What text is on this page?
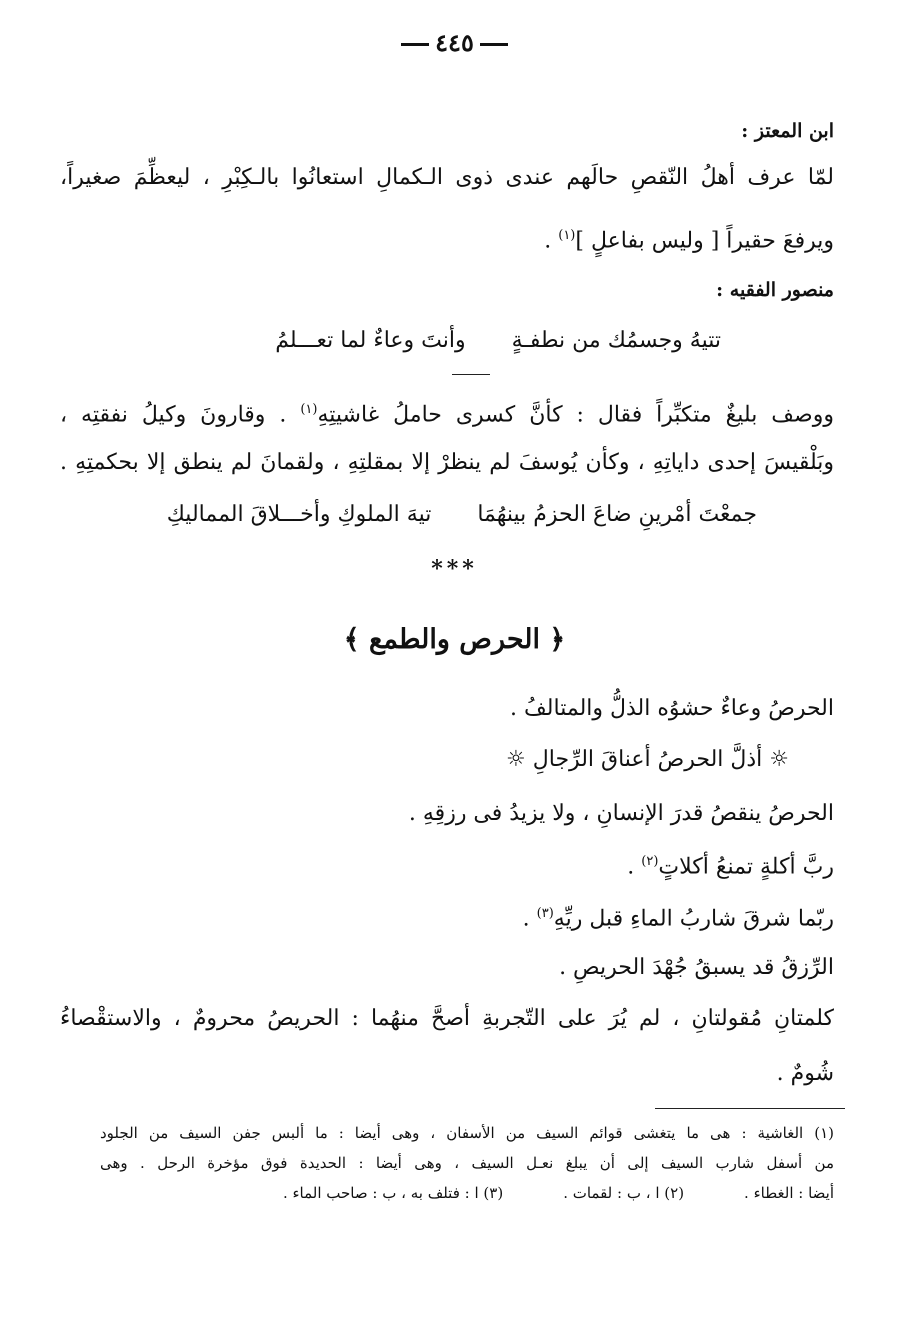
٤٤٥
ابن المعتز :
لمّا عرف أهلُ النّقصِ حالَهم عندى ذوى الـكمالِ استعانُوا بالـكِبْرِ ، ليعظِّمَ صغيراً،
ويرفعَ حقيراً [ وليس بفاعلٍ ]$^{(١)}$ .
منصور الفقيه :
تتيهُ وجسمُك من نطفـةٍوأنتَ وعاءٌ لما تعـــلمُ
ووصف بليغٌ متكبِّراً فقال : كأنَّ كسرى حاملُ غاشيتِهِ$^{(١)}$ . وقارونَ وكيلُ نفقتِه ،
وبَلْقيسَ إحدى داياتِهِ ، وكأن يُوسفَ لم ينظرْ إلا بمقلتِهِ ، ولقمانَ لم ينطق إلا بحكمتِهِ .
جمعْتَ أمْرينِ ضاعَ الحزمُ بينهُمَاتيهَ الملوكِ وأخـــلاقَ المماليكِ
***
﴿ الحرص والطمع ﴾
الحرصُ وعاءٌ حشوُه الذلُّ والمتالفُ .
☼ أذلَّ الحرصُ أعناقَ الرِّجالِ ☼
الحرصُ ينقصُ قدرَ الإنسانِ ، ولا يزيدُ فى رزقِهِ .
ربَّ أكلةٍ تمنعُ أكلاتٍ$^{(٢)}$ .
ربّما شرقَ شاربُ الماءِ قبل ريِّهِ$^{(٣)}$ .
الرِّزقُ قد يسبقُ جُهْدَ الحريصِ .
كلمتانِ مُقولتانِ ، لم يُرَ على التّجربةِ أصحَّ منهُما : الحريصُ محرومٌ ، والاستقْصاءُ
شُومٌ .
(١) الغاشية : هى ما يتغشى قوائم السيف من الأسفان ، وهى أيضا : ما ألبس جفن السيف من الجلود
من أسفل شارب السيف إلى أن يبلغ نعـل السيف ، وهى أيضا : الحديدة فوق مؤخرة الرحل . وهى
أيضا : الغطاء .(٢) ا ، ب : لقمات .(٣) ا : فتلف به ، ب : صاحب الماء .
